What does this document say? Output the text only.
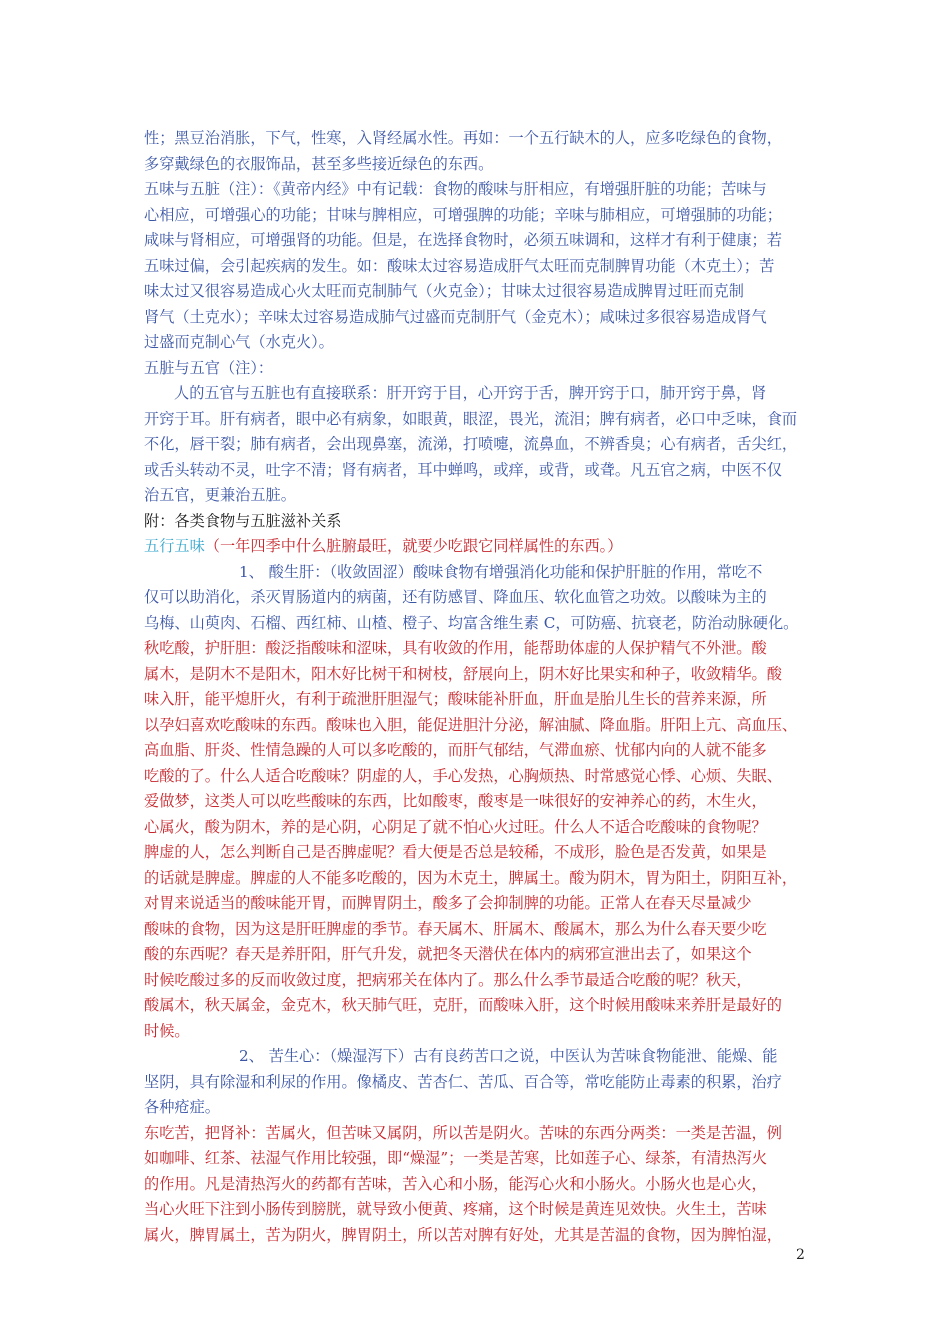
性；黑豆治消胀，下气，性寒，入肾经属水性。再如：一个五行缺木的人，应多吃绿色的食物，

多穿戴绿色的衣服饰品，甚至多些接近绿色的东西。

五味与五脏（注）：《黄帝内经》中有记载：食物的酸味与肝相应，有增强肝脏的功能；苦味与

心相应，可增强心的功能；甘味与脾相应，可增强脾的功能；辛味与肺相应，可增强肺的功能；

咸味与肾相应，可增强肾的功能。但是，在选择食物时，必须五味调和，这样才有利于健康；若

五味过偏，会引起疾病的发生。如：酸味太过容易造成肝气太旺而克制脾胃功能（木克土）；苦

味太过又很容易造成心火太旺而克制肺气（火克金）；甘味太过很容易造成脾胃过旺而克制

肾气（土克水）；辛味太过容易造成肺气过盛而克制肝气（金克木）；咸味过多很容易造成肾气

过盛而克制心气（水克火）。

五脏与五官（注）：

人的五官与五脏也有直接联系：肝开窍于目，心开窍于舌，脾开窍于口，肺开窍于鼻，肾

开窍于耳。肝有病者，眼中必有病象，如眼黄，眼涩，畏光，流泪；脾有病者，必口中乏味，食而

不化，唇干裂；肺有病者，会出现鼻塞，流涕，打喷嚏，流鼻血，不辨香臭；心有病者，舌尖红，

或舌头转动不灵，吐字不清；肾有病者，耳中蝉鸣，或痒，或背，或聋。凡五官之病，中医不仅

治五官，更兼治五脏。

附：各类食物与五脏滋补关系

五行五味（一年四季中什么脏腑最旺，就要少吃跟它同样属性的东西。）

1、 酸生肝：（收敛固涩）酸味食物有增强消化功能和保护肝脏的作用，常吃不

仅可以助消化，杀灭胃肠道内的病菌，还有防感冒、降血压、软化血管之功效。以酸味为主的

乌梅、山萸肉、石榴、西红柿、山楂、橙子、均富含维生素 C，可防癌、抗衰老，防治动脉硬化。

秋吃酸，护肝胆：酸泛指酸味和涩味，具有收敛的作用，能帮助体虚的人保护精气不外泄。酸

属木，是阴木不是阳木，阳木好比树干和树枝，舒展向上，阴木好比果实和种子，收敛精华。酸

味入肝，能平熄肝火，有利于疏泄肝胆湿气；酸味能补肝血，肝血是胎儿生长的营养来源，所

以孕妇喜欢吃酸味的东西。酸味也入胆，能促进胆汁分泌，解油腻、降血脂。肝阳上亢、高血压、

高血脂、肝炎、性情急躁的人可以多吃酸的，而肝气郁结，气滞血瘀、忧郁内向的人就不能多

吃酸的了。什么人适合吃酸味？阴虚的人，手心发热，心胸烦热、时常感觉心悸、心烦、失眠、

爱做梦，这类人可以吃些酸味的东西，比如酸枣，酸枣是一味很好的安神养心的药，木生火，

心属火，酸为阴木，养的是心阴，心阴足了就不怕心火过旺。什么人不适合吃酸味的食物呢？

脾虚的人，怎么判断自己是否脾虚呢？看大便是否总是较稀，不成形，脸色是否发黄，如果是

的话就是脾虚。脾虚的人不能多吃酸的，因为木克土，脾属土。酸为阴木，胃为阳土，阴阳互补，

对胃来说适当的酸味能开胃，而脾胃阴土，酸多了会抑制脾的功能。正常人在春天尽量减少

酸味的食物，因为这是肝旺脾虚的季节。春天属木、肝属木、酸属木，那么为什么春天要少吃

酸的东西呢？春天是养肝阳，肝气升发，就把冬天潜伏在体内的病邪宣泄出去了，如果这个

时候吃酸过多的反而收敛过度，把病邪关在体内了。那么什么季节最适合吃酸的呢？秋天，

酸属木，秋天属金，金克木，秋天肺气旺，克肝，而酸味入肝，这个时候用酸味来养肝是最好的

时候。

2、 苦生心：（燥湿泻下）古有良药苦口之说，中医认为苦味食物能泄、能燥、能

坚阴，具有除湿和利尿的作用。像橘皮、苦杏仁、苦瓜、百合等，常吃能防止毒素的积累，治疗

各种疮症。

东吃苦，把肾补：苦属火，但苦味又属阴，所以苦是阴火。苦味的东西分两类：一类是苦温，例

如咖啡、红茶、祛湿气作用比较强，即“燥湿”；一类是苦寒，比如莲子心、绿茶，有清热泻火

的作用。凡是清热泻火的药都有苦味，苦入心和小肠，能泻心火和小肠火。小肠火也是心火，

当心火旺下注到小肠传到膀胱，就导致小便黄、疼痛，这个时候是黄连见效快。火生土，苦味

属火，脾胃属土，苦为阴火，脾胃阴土，所以苦对脾有好处，尤其是苦温的食物，因为脾怕湿，

2
